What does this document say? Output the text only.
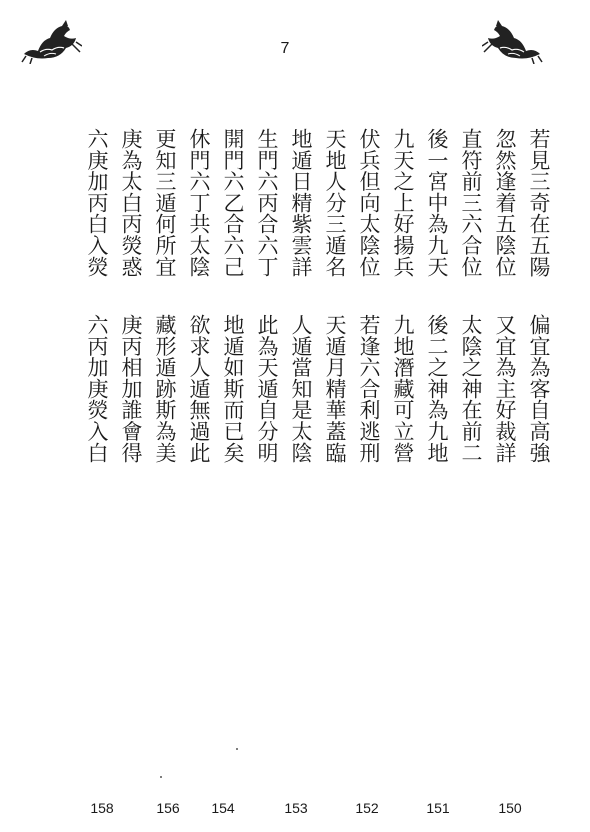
7
若見三奇在五陽
偏宜為客自高強
忽然逢着五陰位
又宜為主好裁詳
直符前三六合位
太陰之神在前二
後一宮中為九天
後二之神為九地
九天之上好揚兵
九地潛藏可立營
伏兵但向太陰位
若逢六合利逃刑
天地人分三遁名
天遁月精華蓋臨
地遁日精紫雲詳
人遁當知是太陰
生門六丙合六丁
此為天遁自分明
開門六乙合六己
地遁如斯而已矣
休門六丁共太陰
欲求人遁無過此
更知三遁何所宜
藏形遁跡斯為美
庚為太白丙熒惑
庚丙相加誰會得
六庚加丙白入熒
六丙加庚熒入白
158	156	154	153	152	151	150
